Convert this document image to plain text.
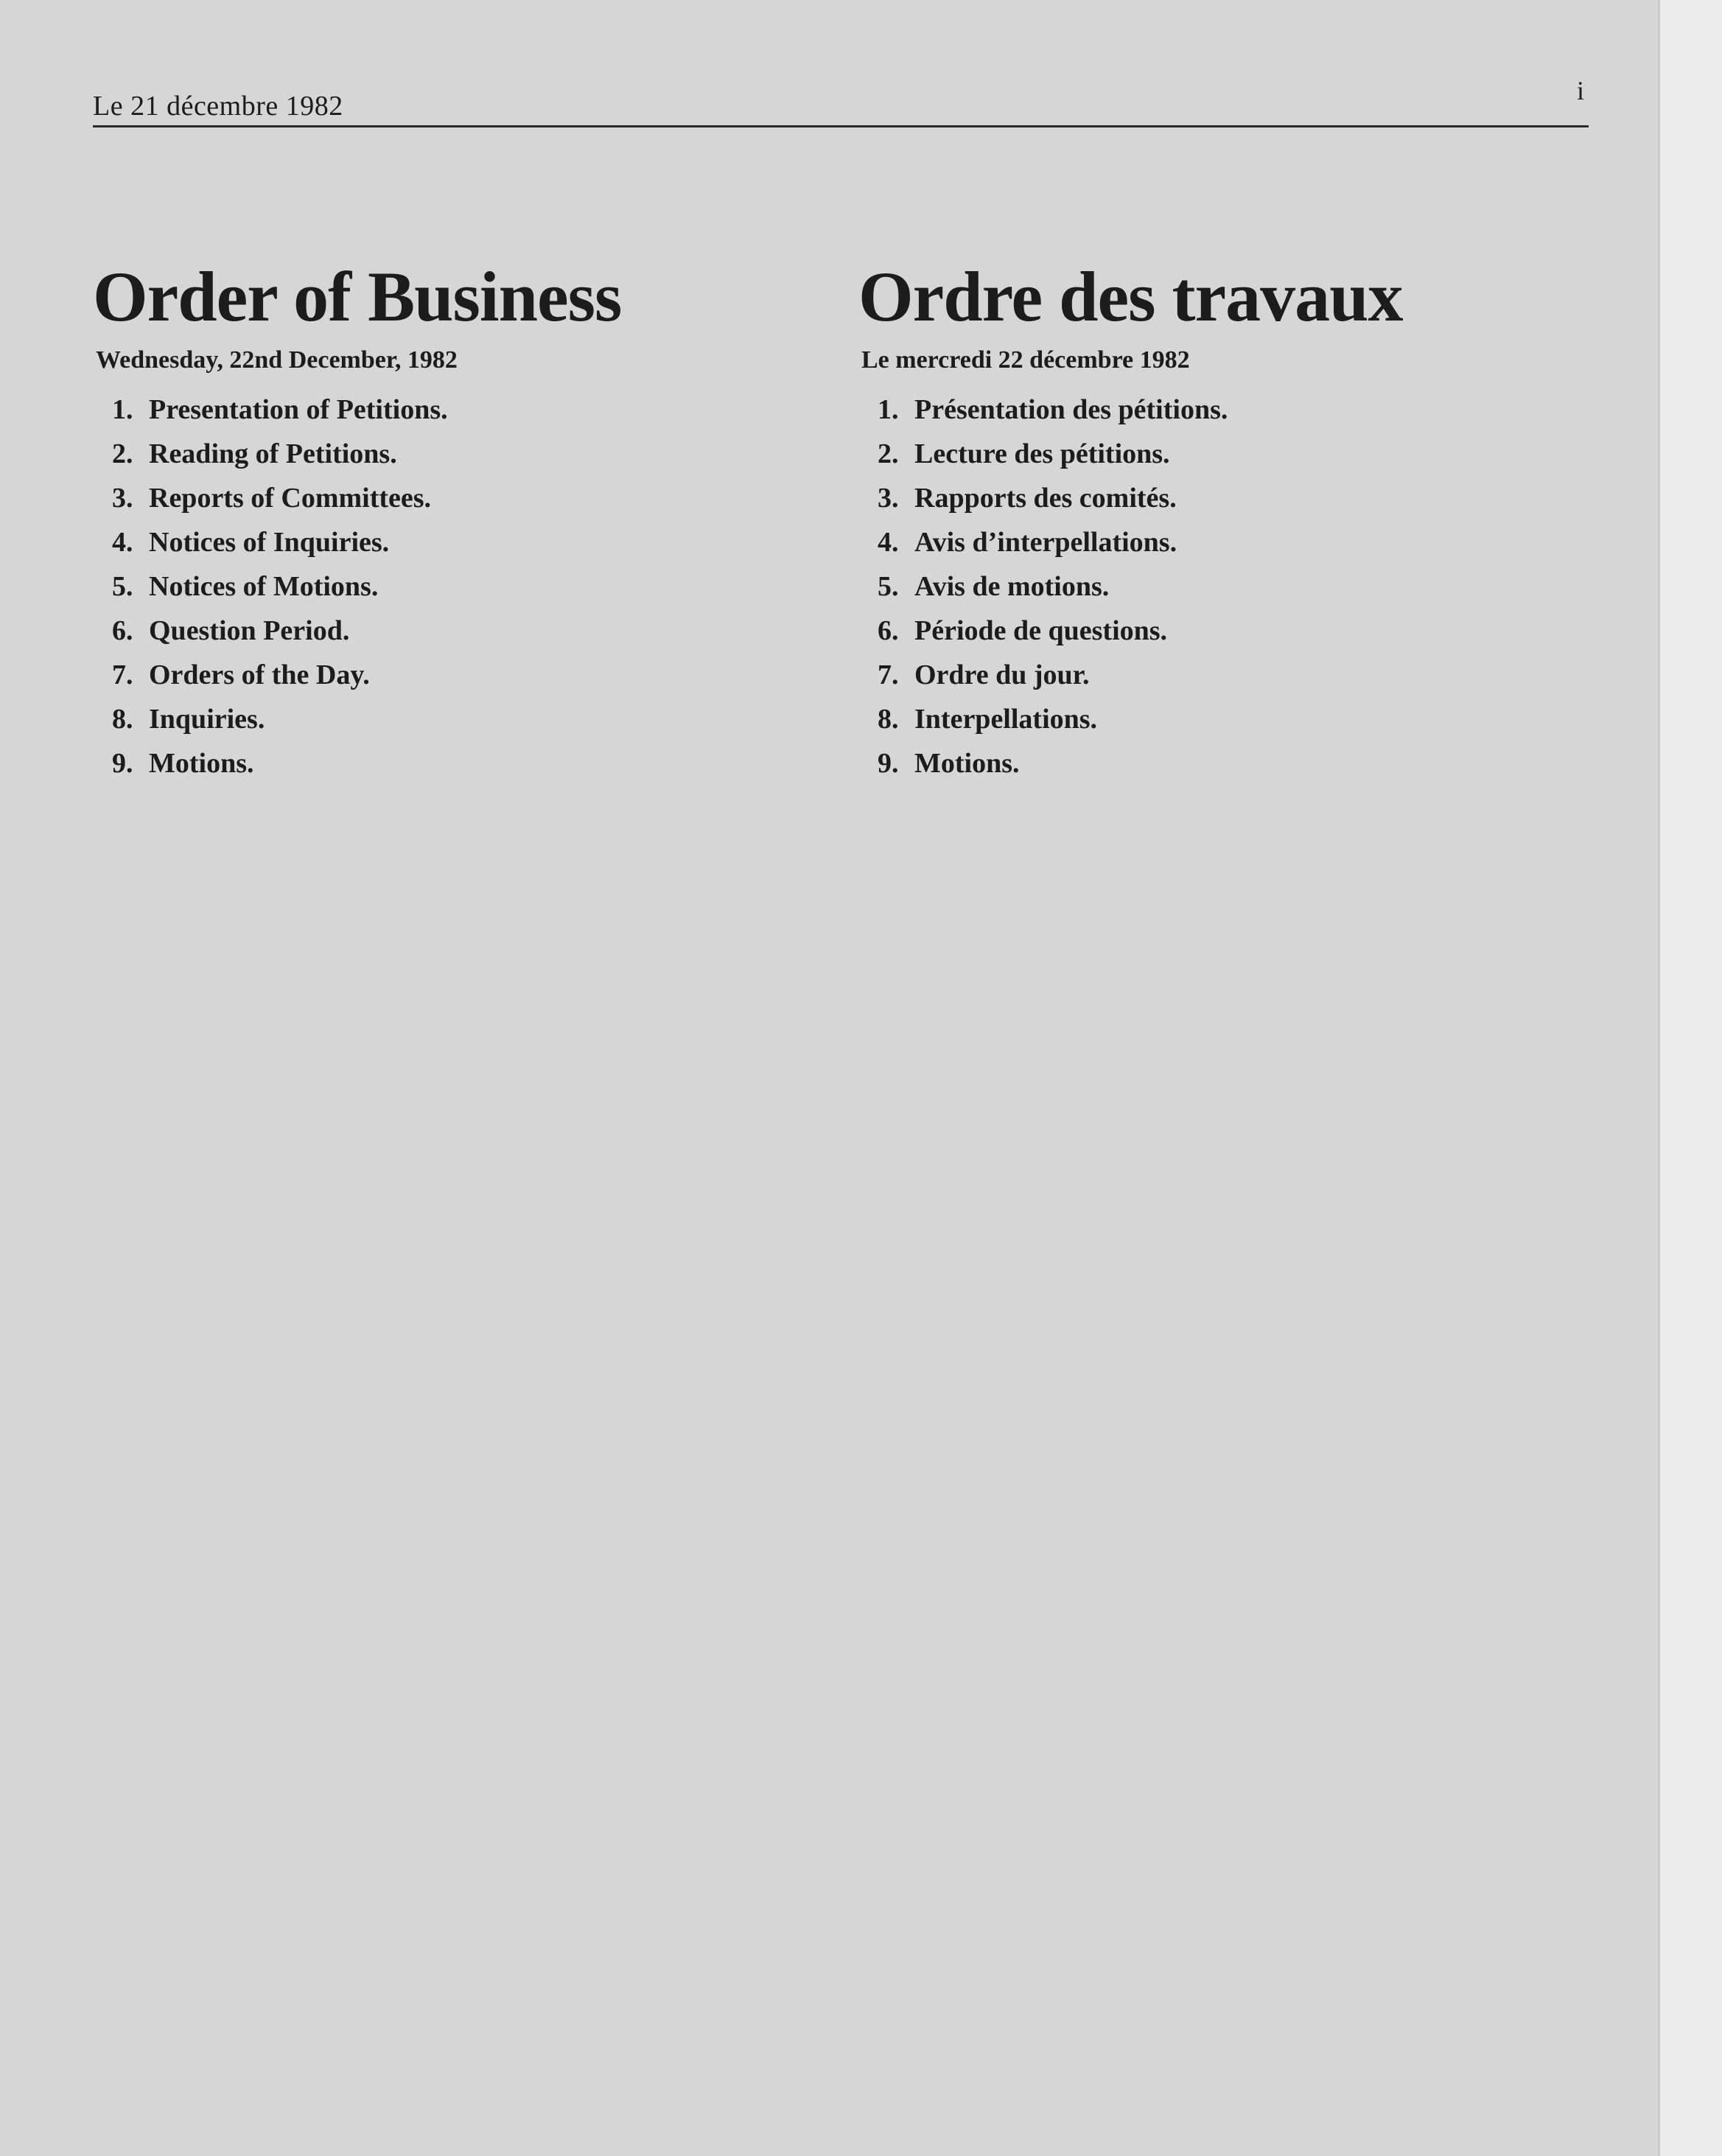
Le 21 décembre 1982	i
Order of Business
Wednesday, 22nd December, 1982
1. Presentation of Petitions.
2. Reading of Petitions.
3. Reports of Committees.
4. Notices of Inquiries.
5. Notices of Motions.
6. Question Period.
7. Orders of the Day.
8. Inquiries.
9. Motions.
Ordre des travaux
Le mercredi 22 décembre 1982
1. Présentation des pétitions.
2. Lecture des pétitions.
3. Rapports des comités.
4. Avis d’interpellations.
5. Avis de motions.
6. Période de questions.
7. Ordre du jour.
8. Interpellations.
9. Motions.
